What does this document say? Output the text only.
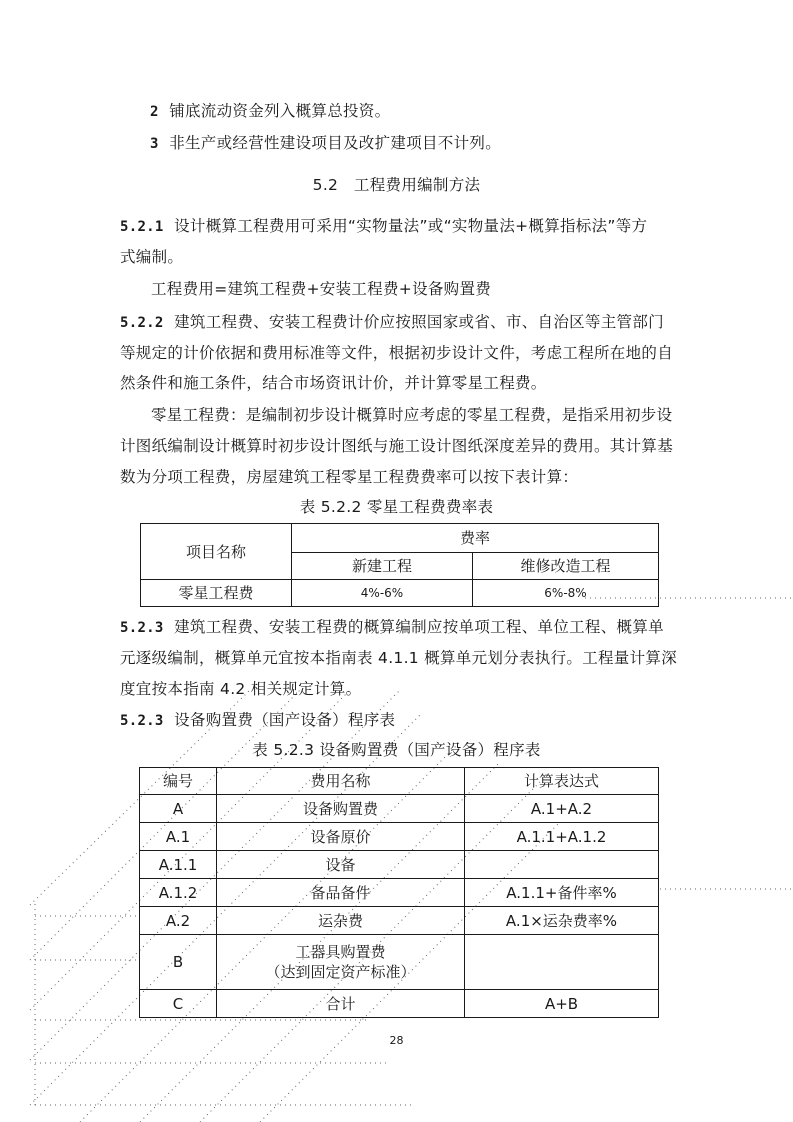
2 铺底流动资金列入概算总投资。
3 非生产或经营性建设项目及改扩建项目不计列。
5.2 工程费用编制方法
5.2.1 设计概算工程费用可采用“实物量法”或“实物量法+概算指标法”等方
式编制。
工程费用=建筑工程费+安装工程费+设备购置费
5.2.2 建筑工程费、安装工程费计价应按照国家或省、市、自治区等主管部门
等规定的计价依据和费用标准等文件，根据初步设计文件，考虑工程所在地的自
然条件和施工条件，结合市场资讯计价，并计算零星工程费。
零星工程费：是编制初步设计概算时应考虑的零星工程费，是指采用初步设
计图纸编制设计概算时初步设计图纸与施工设计图纸深度差异的费用。其计算基
数为分项工程费，房屋建筑工程零星工程费费率可以按下表计算：
表 5.2.2 零星工程费费率表
项目名称	费率	
	新建工程	维修改造工程
零星工程费	4%-6%	6%-8%
5.2.3 建筑工程费、安装工程费的概算编制应按单项工程、单位工程、概算单
元逐级编制，概算单元宜按本指南表 4.1.1 概算单元划分表执行。工程量计算深
度宜按本指南 4.2 相关规定计算。
5.2.3 设备购置费（国产设备）程序表
表 5.2.3 设备购置费（国产设备）程序表
编号	费用名称	计算表达式
A	设备购置费	A.1+A.2
A.1	设备原价	A.1.1+A.1.2
A.1.1	设备	
A.1.2	备品备件	A.1.1+备件率%
A.2	运杂费	A.1×运杂费率%
B	工器具购置费
（达到固定资产标准）	

C	合计	A+B
28
